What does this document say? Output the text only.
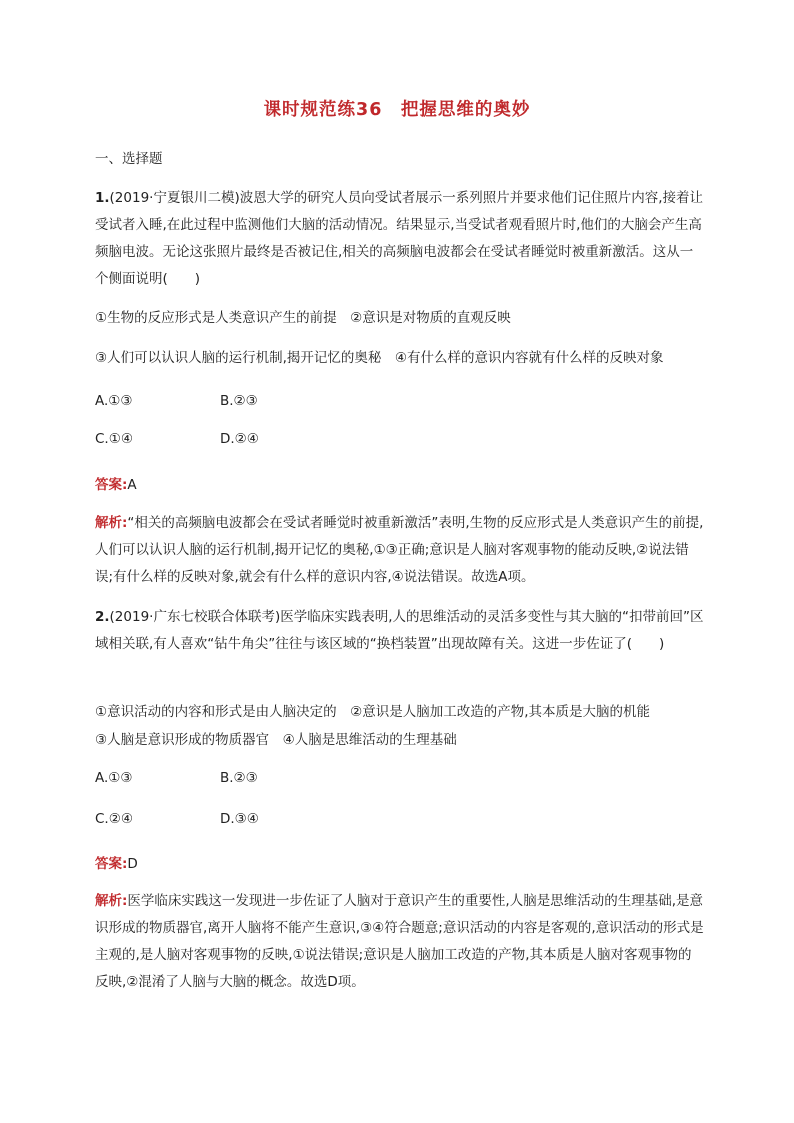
课时规范练36　把握思维的奥妙
一、选择题
1.(2019·宁夏银川二模)波恩大学的研究人员向受试者展示一系列照片并要求他们记住照片内容,接着让受试者入睡,在此过程中监测他们大脑的活动情况。结果显示,当受试者观看照片时,他们的大脑会产生高频脑电波。无论这张照片最终是否被记住,相关的高频脑电波都会在受试者睡觉时被重新激活。这从一个侧面说明(　　)
①生物的反应形式是人类意识产生的前提　②意识是对物质的直观反映
③人们可以认识人脑的运行机制,揭开记忆的奥秘　④有什么样的意识内容就有什么样的反映对象
A.①③	B.②③
C.①④	D.②④
答案:A
解析:“相关的高频脑电波都会在受试者睡觉时被重新激活”表明,生物的反应形式是人类意识产生的前提,人们可以认识人脑的运行机制,揭开记忆的奥秘,①③正确;意识是人脑对客观事物的能动反映,②说法错误;有什么样的反映对象,就会有什么样的意识内容,④说法错误。故选A项。
2.(2019·广东七校联合体联考)医学临床实践表明,人的思维活动的灵活多变性与其大脑的“扣带前回”区域相关联,有人喜欢“钻牛角尖”往往与该区域的“换档装置”出现故障有关。这进一步佐证了(　　)
①意识活动的内容和形式是由人脑决定的　②意识是人脑加工改造的产物,其本质是大脑的机能
③人脑是意识形成的物质器官　④人脑是思维活动的生理基础
A.①③	B.②③
C.②④	D.③④
答案:D
解析:医学临床实践这一发现进一步佐证了人脑对于意识产生的重要性,人脑是思维活动的生理基础,是意识形成的物质器官,离开人脑将不能产生意识,③④符合题意;意识活动的内容是客观的,意识活动的形式是主观的,是人脑对客观事物的反映,①说法错误;意识是人脑加工改造的产物,其本质是人脑对客观事物的反映,②混淆了人脑与大脑的概念。故选D项。
